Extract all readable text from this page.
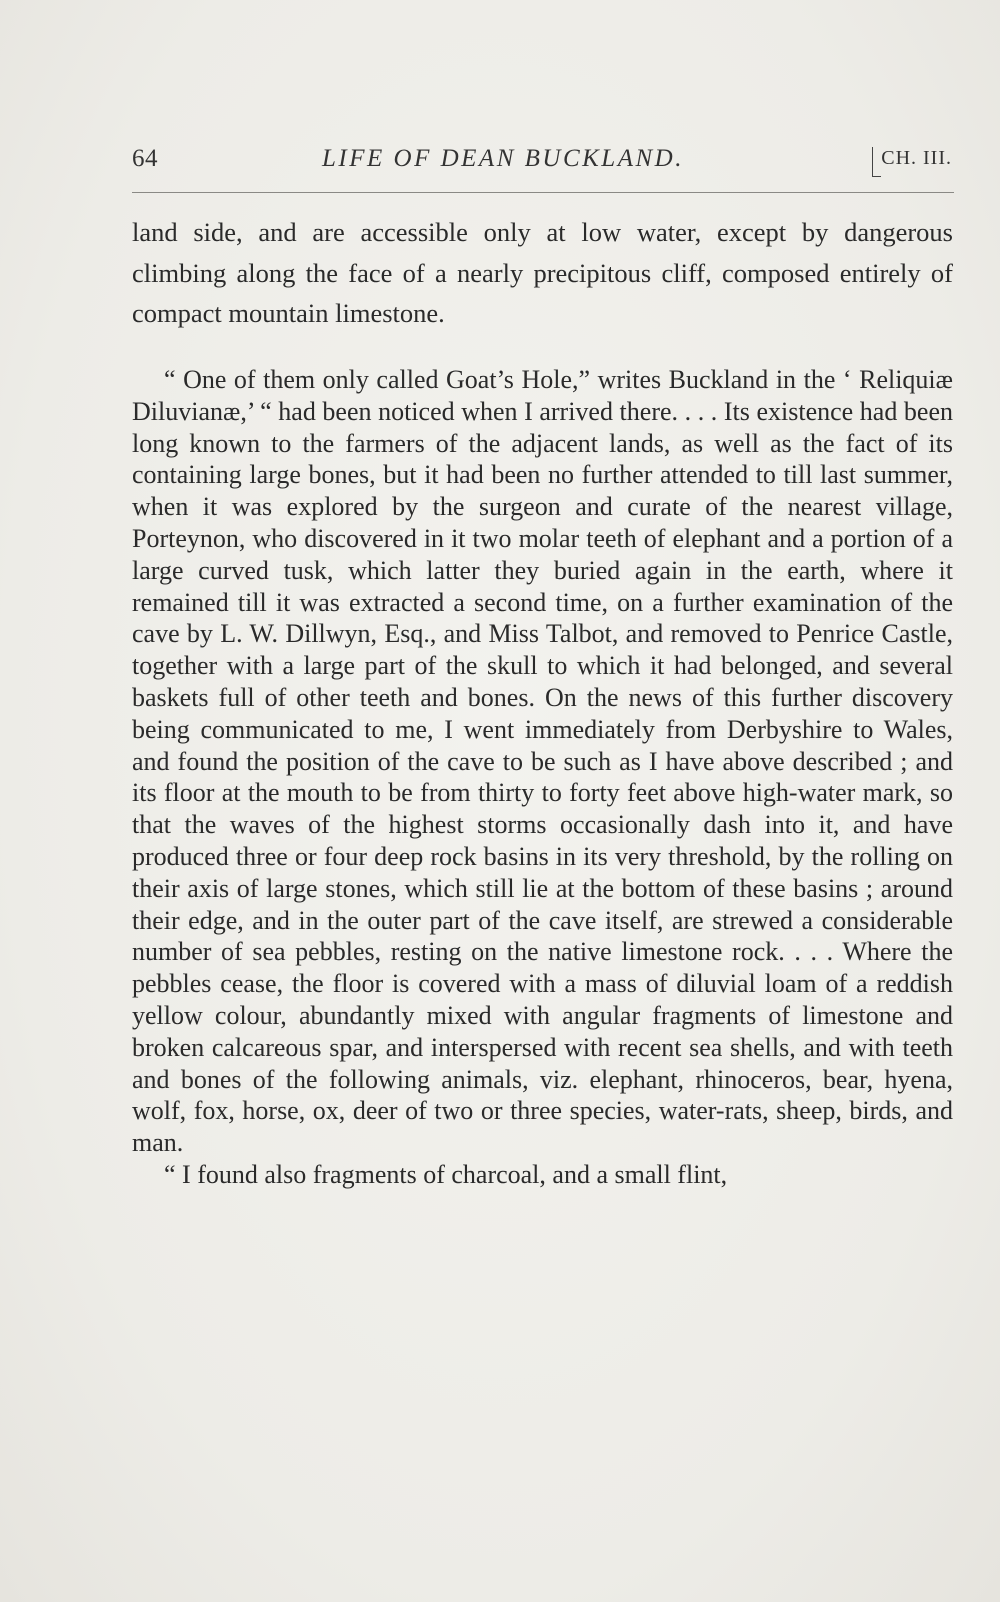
64	LIFE OF DEAN BUCKLAND.	CH. III.

land side, and are accessible only at low water, except by dangerous climbing along the face of a nearly precipitous cliff, composed entirely of compact mountain limestone.

“ One of them only called Goat’s Hole,” writes Buckland in the ‘ Reliquiæ Diluvianæ,’ “ had been noticed when I arrived there. . . . Its existence had been long known to the farmers of the adjacent lands, as well as the fact of its containing large bones, but it had been no further attended to till last summer, when it was explored by the surgeon and curate of the nearest village, Porteynon, who discovered in it two molar teeth of elephant and a portion of a large curved tusk, which latter they buried again in the earth, where it remained till it was extracted a second time, on a further examination of the cave by L. W. Dillwyn, Esq., and Miss Talbot, and removed to Penrice Castle, together with a large part of the skull to which it had belonged, and several baskets full of other teeth and bones. On the news of this further discovery being communicated to me, I went immediately from Derbyshire to Wales, and found the position of the cave to be such as I have above described ; and its floor at the mouth to be from thirty to forty feet above high-water mark, so that the waves of the highest storms occasionally dash into it, and have produced three or four deep rock basins in its very threshold, by the rolling on their axis of large stones, which still lie at the bottom of these basins ; around their edge, and in the outer part of the cave itself, are strewed a considerable number of sea pebbles, resting on the native limestone rock. . . . Where the pebbles cease, the floor is covered with a mass of diluvial loam of a reddish yellow colour, abundantly mixed with angular fragments of limestone and broken calcareous spar, and interspersed with recent sea shells, and with teeth and bones of the following animals, viz. elephant, rhinoceros, bear, hyena, wolf, fox, horse, ox, deer of two or three species, water-rats, sheep, birds, and man.

“ I found also fragments of charcoal, and a small flint,
